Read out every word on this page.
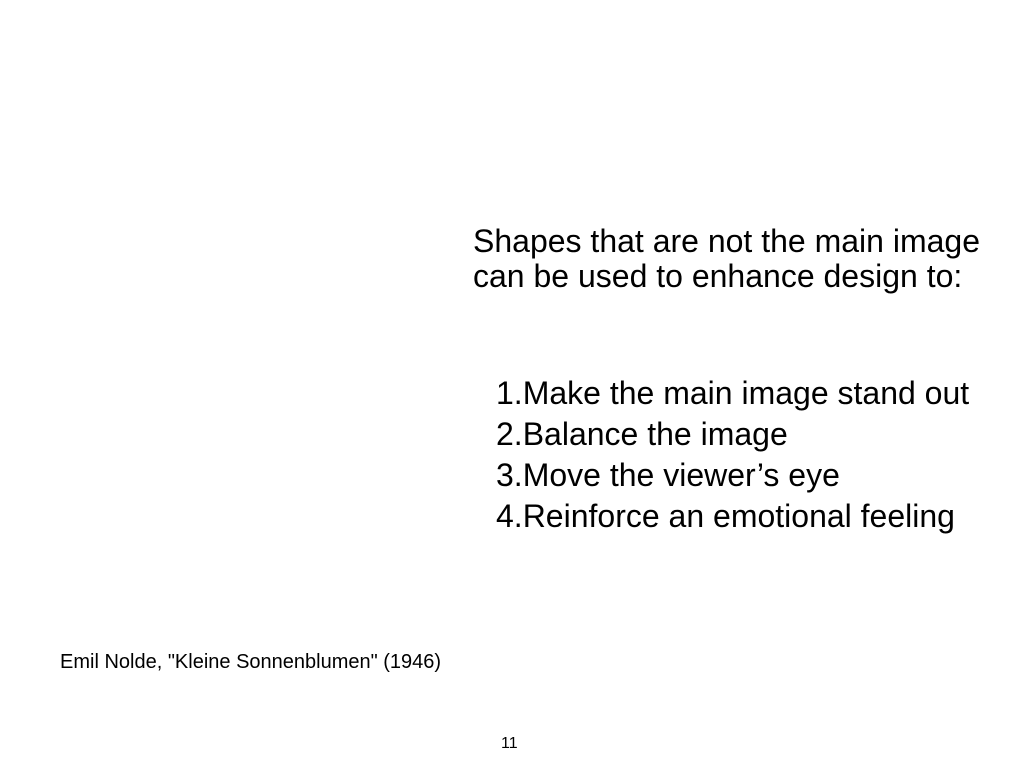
Shapes that are not the main image can be used to enhance design to:

1. Make the main image stand out
2. Balance the image
3. Move the viewer’s eye
4. Reinforce an emotional feeling

Emil Nolde, "Kleine Sonnenblumen" (1946)

11
